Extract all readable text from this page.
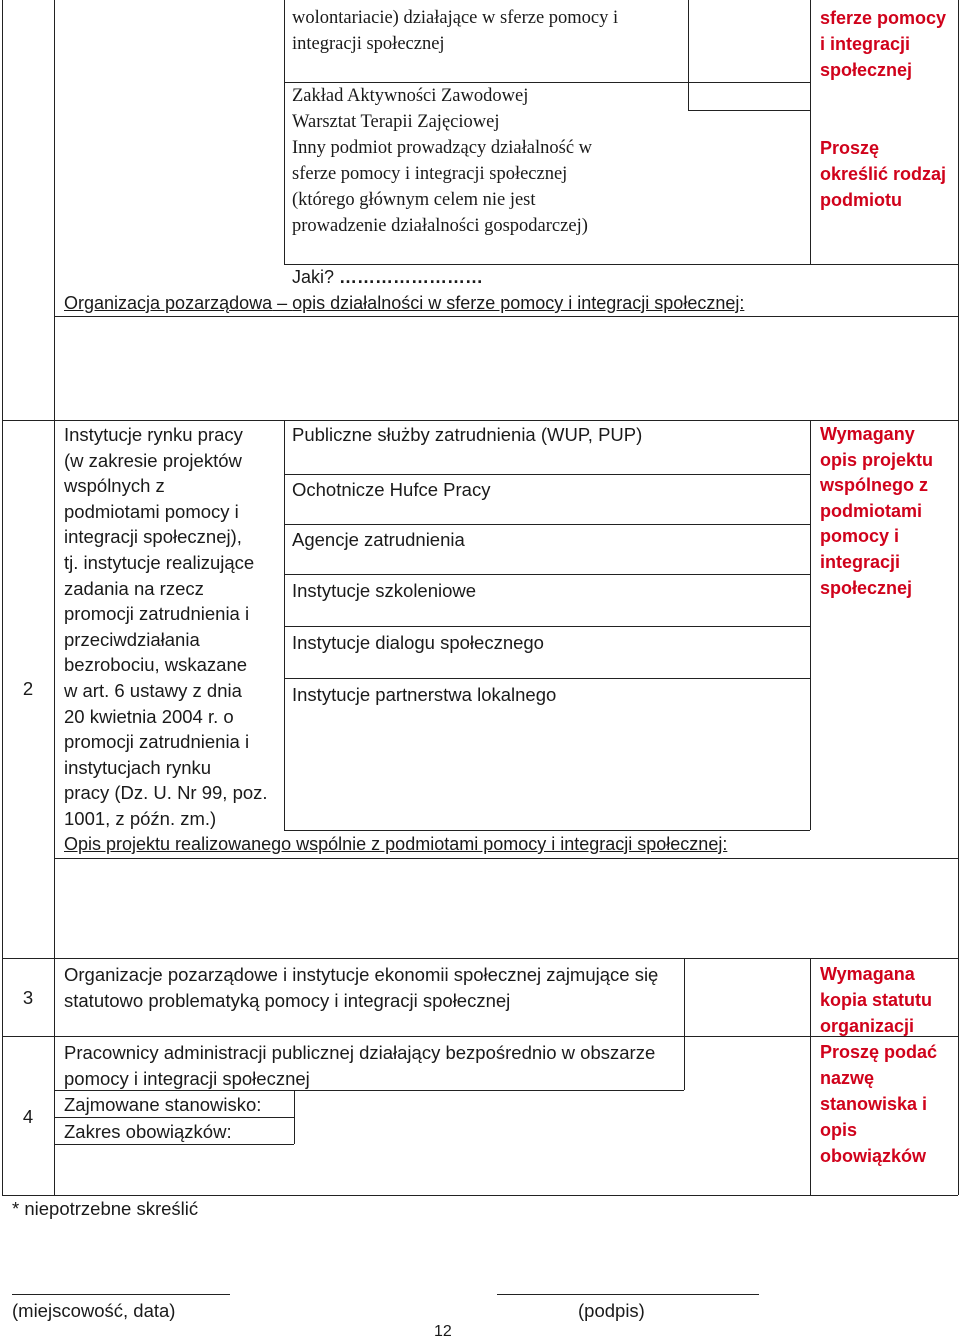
wolontariacie) działające w sferze pomocy i
integracji społecznej
Zakład Aktywności Zawodowej
Warsztat Terapii Zajęciowej
Inny podmiot prowadzący działalność w
sferze pomocy i integracji społecznej
(którego głównym celem nie jest
prowadzenie działalności gospodarczej)
sferze pomocy
i integracji
społecznej
Proszę
określić rodzaj
podmiotu
Jaki? ……………………
Organizacja pozarządowa – opis działalności w sferze pomocy i integracji społecznej:
2
Instytucje rynku pracy
(w zakresie projektów
wspólnych z
podmiotami pomocy i
integracji społecznej),
tj. instytucje realizujące
zadania na rzecz
promocji zatrudnienia i
przeciwdziałania
bezrobociu, wskazane
w art. 6 ustawy z dnia
20 kwietnia 2004 r. o
promocji zatrudnienia i
instytucjach rynku
pracy (Dz. U. Nr 99, poz.
1001, z późn. zm.)
Publiczne służby zatrudnienia (WUP, PUP)
Ochotnicze Hufce Pracy
Agencje zatrudnienia
Instytucje szkoleniowe
Instytucje dialogu społecznego
Instytucje partnerstwa lokalnego
Wymagany
opis projektu
wspólnego z
podmiotami
pomocy i
integracji
społecznej
Opis projektu realizowanego wspólnie z podmiotami pomocy i integracji społecznej:
3
Organizacje pozarządowe i instytucje ekonomii społecznej zajmujące się
statutowo problematyką pomocy i integracji społecznej
Wymagana
kopia statutu
organizacji
4
Pracownicy administracji publicznej działający bezpośrednio w obszarze
pomocy i integracji społecznej
Zajmowane stanowisko:
Zakres obowiązków:
Proszę podać
nazwę
stanowiska i
opis
obowiązków
* niepotrzebne skreślić
(miejscowość, data)	(podpis)
12
